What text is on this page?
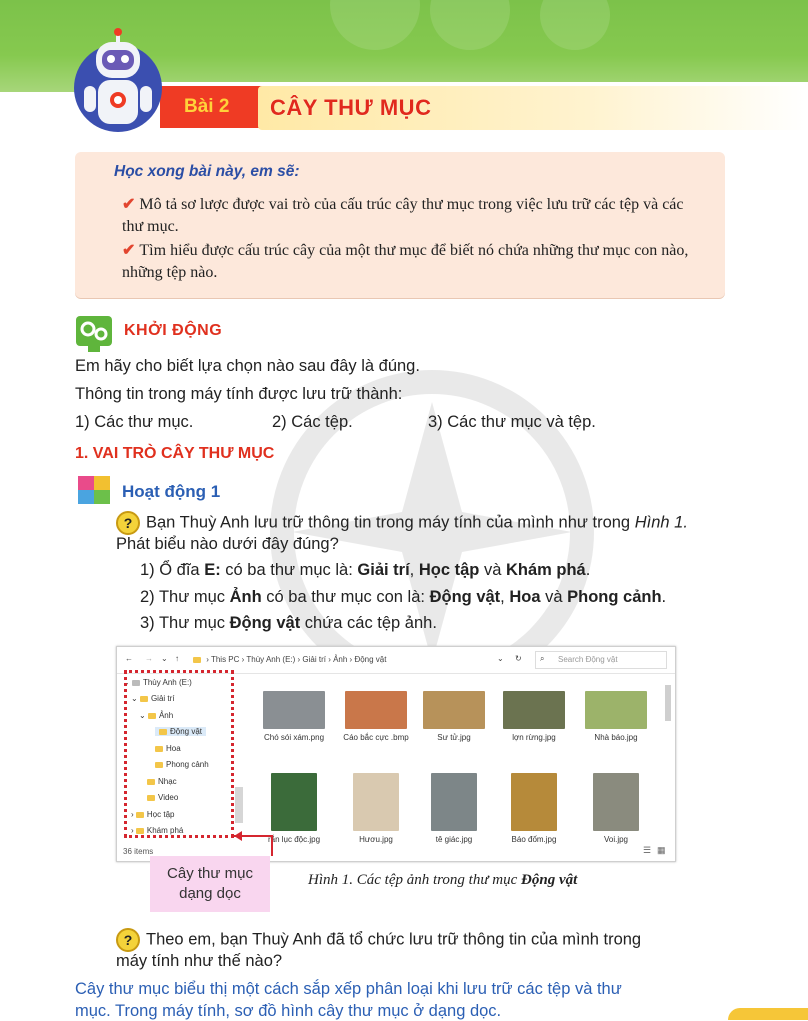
Bài 2 CÂY THƯ MỤC
Học xong bài này, em sẽ:
✔ Mô tả sơ lược được vai trò của cấu trúc cây thư mục trong việc lưu trữ các tệp và các thư mục.
✔ Tìm hiểu được cấu trúc cây của một thư mục để biết nó chứa những thư mục con nào, những tệp nào.
KHỞI ĐỘNG
Em hãy cho biết lựa chọn nào sau đây là đúng.
Thông tin trong máy tính được lưu trữ thành:
1) Các thư mục.	2) Các tệp.	3) Các thư mục và tệp.
1. VAI TRÒ CÂY THƯ MỤC
Hoạt động 1
? Bạn Thuỳ Anh lưu trữ thông tin trong máy tính của mình như trong Hình 1.
Phát biểu nào dưới đây đúng?
1) Ổ đĩa E: có ba thư mục là: Giải trí, Học tập và Khám phá.
2) Thư mục Ảnh có ba thư mục con là: Động vật, Hoa và Phong cảnh.
3) Thư mục Động vật chứa các tệp ảnh.
← → ⌄ ↑	› This PC › Thùy Anh (E:) › Giải trí › Ảnh › Động vật	⌄ ↻ ⌕ Search Động vật
⌄ Thùy Anh (E:)
⌄ Giải trí
⌄ Ảnh
Động vật
Hoa
Phong cảnh
Nhạc
Video
› Học tập
› Khám phá
36 items
Chó sói xám.png	Cáo bắc cực .bmp	Sư tử.jpg	lợn rừng.jpg	Nhà báo.jpg
rắn lục độc.jpg	Hươu.jpg	tê giác.jpg	Báo đốm.jpg	Voi.jpg
☰ ▦
Cây thư mục
dạng dọc
Hình 1. Các tệp ảnh trong thư mục Động vật
? Theo em, bạn Thuỳ Anh đã tổ chức lưu trữ thông tin của mình trong
máy tính như thế nào?
Cây thư mục biểu thị một cách sắp xếp phân loại khi lưu trữ các tệp và thư
mục. Trong máy tính, sơ đồ hình cây thư mục ở dạng dọc.
